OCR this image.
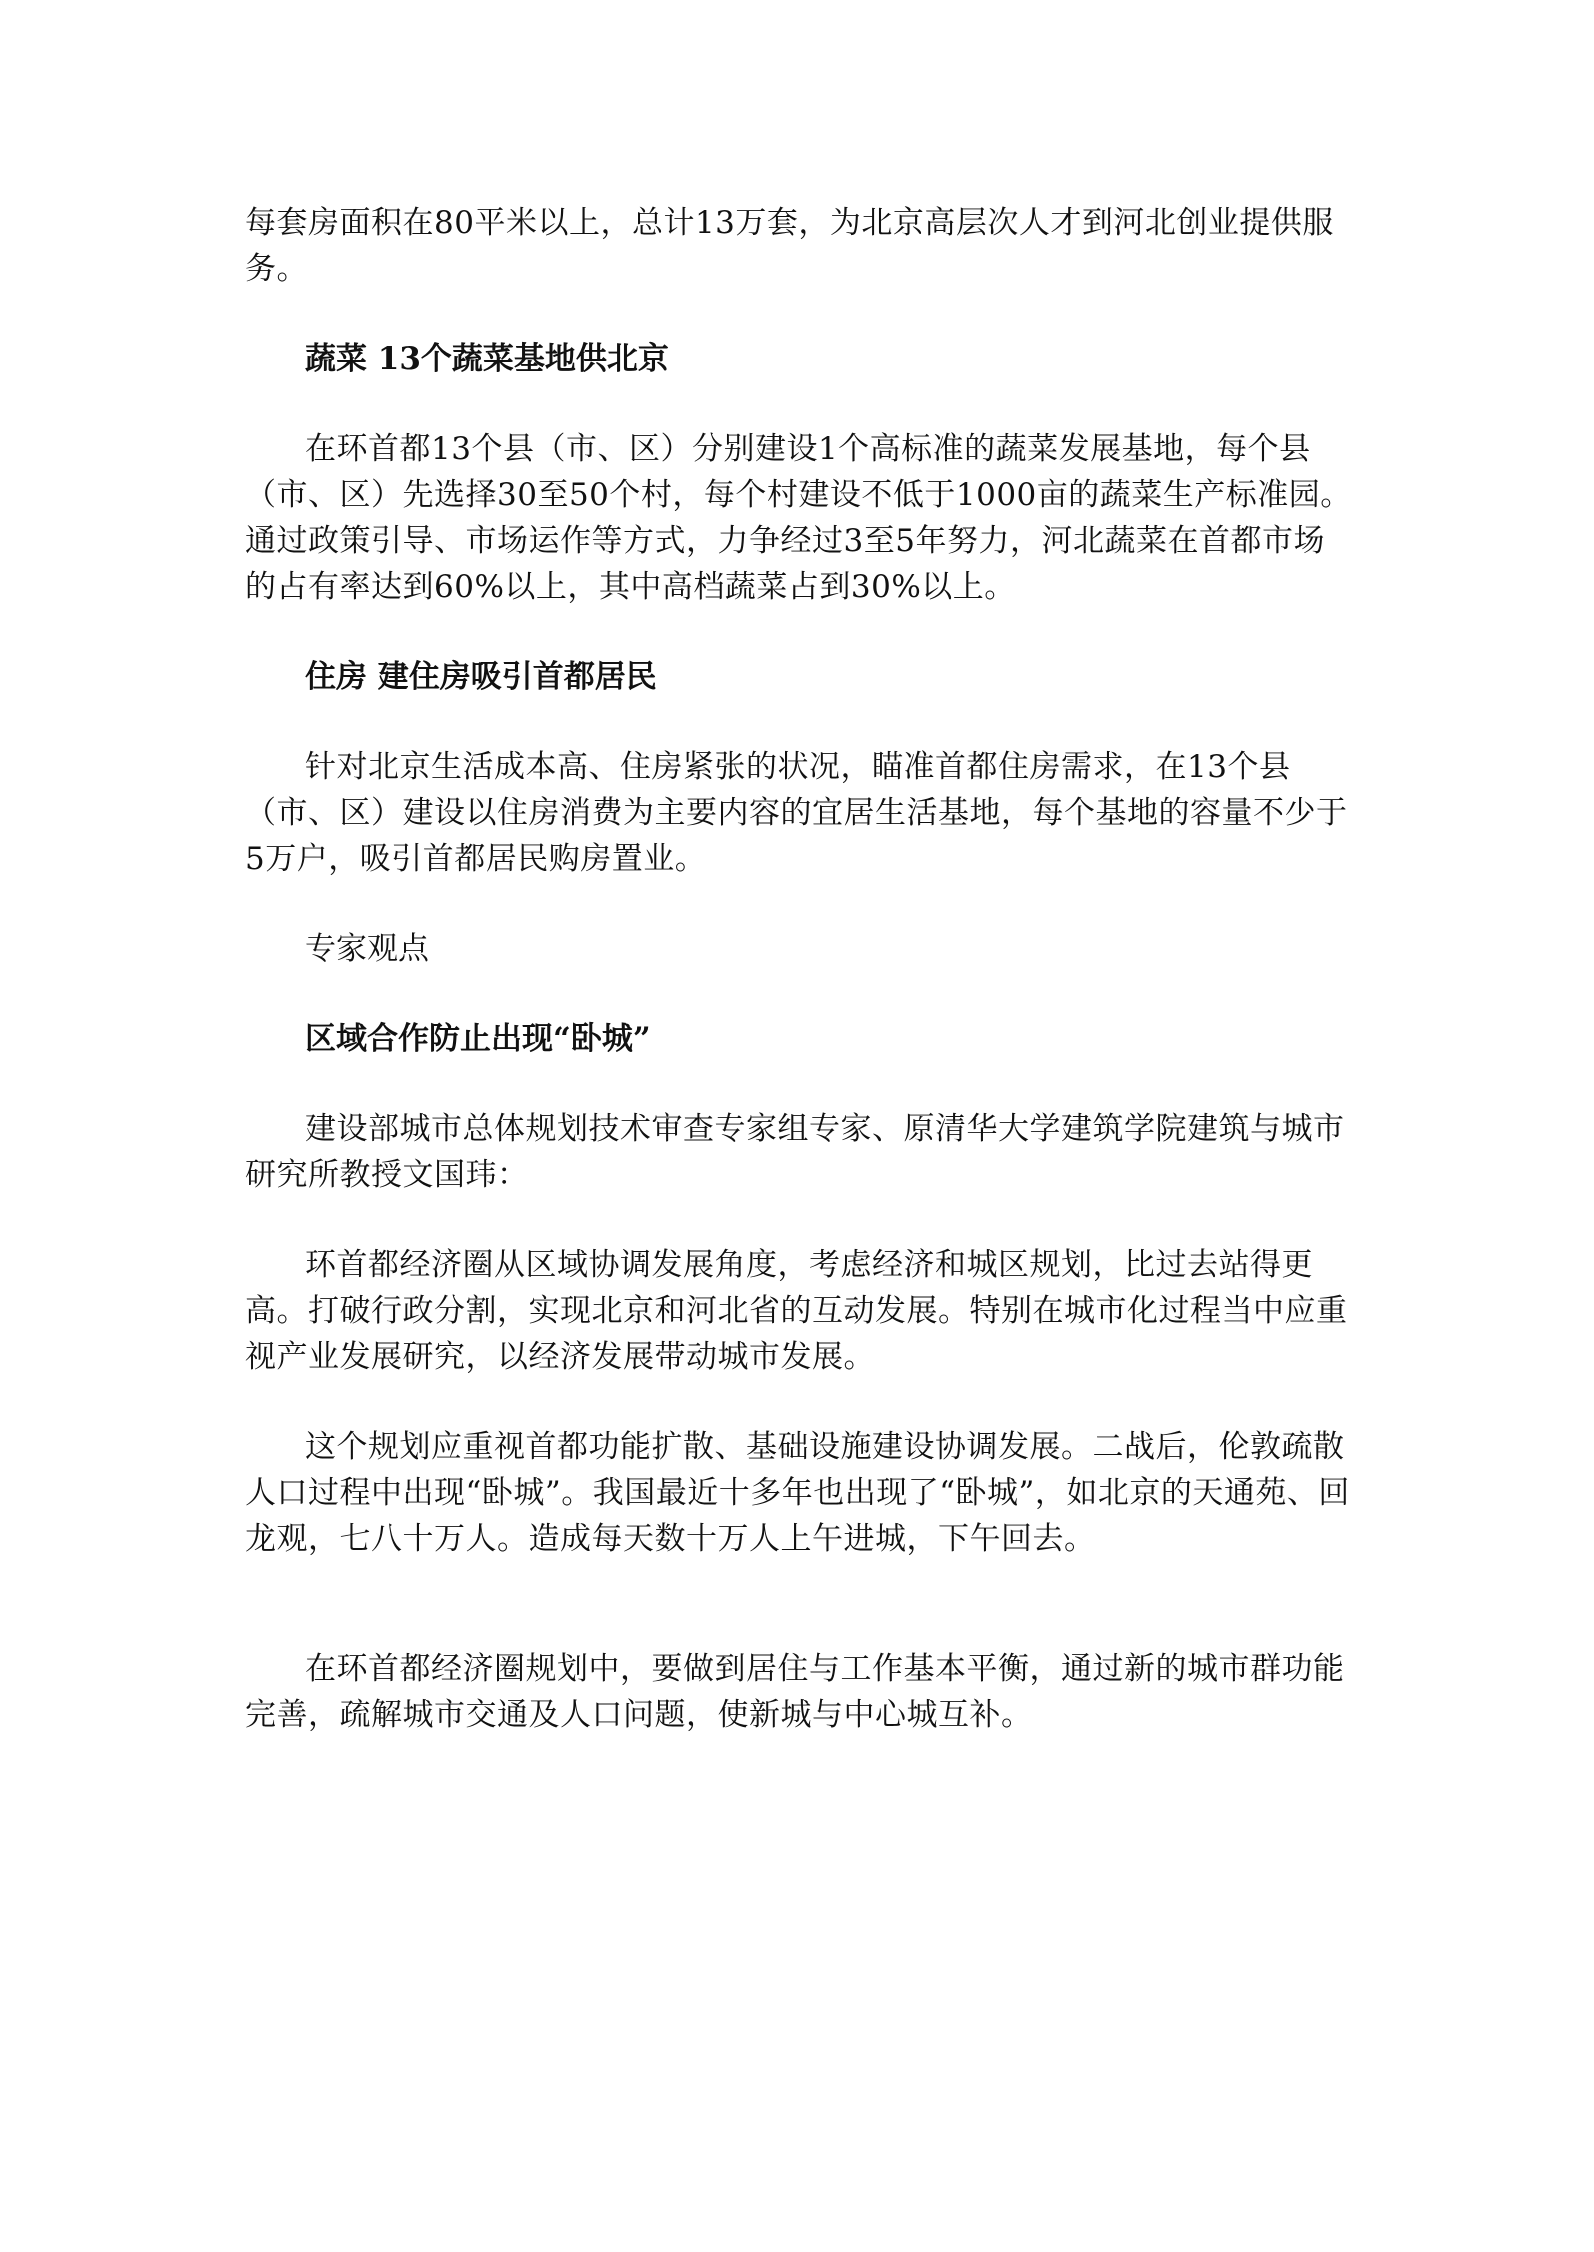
每套房面积在80平米以上，总计13万套，为北京高层次人才到河北创业提供服务。

蔬菜 13个蔬菜基地供北京

在环首都13个县（市、区）分别建设1个高标准的蔬菜发展基地，每个县（市、区）先选择30至50个村，每个村建设不低于1000亩的蔬菜生产标准园。通过政策引导、市场运作等方式，力争经过3至5年努力，河北蔬菜在首都市场的占有率达到60%以上，其中高档蔬菜占到30%以上。

住房 建住房吸引首都居民

针对北京生活成本高、住房紧张的状况，瞄准首都住房需求，在13个县（市、区）建设以住房消费为主要内容的宜居生活基地，每个基地的容量不少于5万户，吸引首都居民购房置业。

专家观点

区域合作防止出现“卧城”

建设部城市总体规划技术审查专家组专家、原清华大学建筑学院建筑与城市研究所教授文国玮：

环首都经济圈从区域协调发展角度，考虑经济和城区规划，比过去站得更高。打破行政分割，实现北京和河北省的互动发展。特别在城市化过程当中应重视产业发展研究，以经济发展带动城市发展。

这个规划应重视首都功能扩散、基础设施建设协调发展。二战后，伦敦疏散人口过程中出现“卧城”。我国最近十多年也出现了“卧城”，如北京的天通苑、回龙观，七八十万人。造成每天数十万人上午进城，下午回去。

在环首都经济圈规划中，要做到居住与工作基本平衡，通过新的城市群功能完善，疏解城市交通及人口问题，使新城与中心城互补。
